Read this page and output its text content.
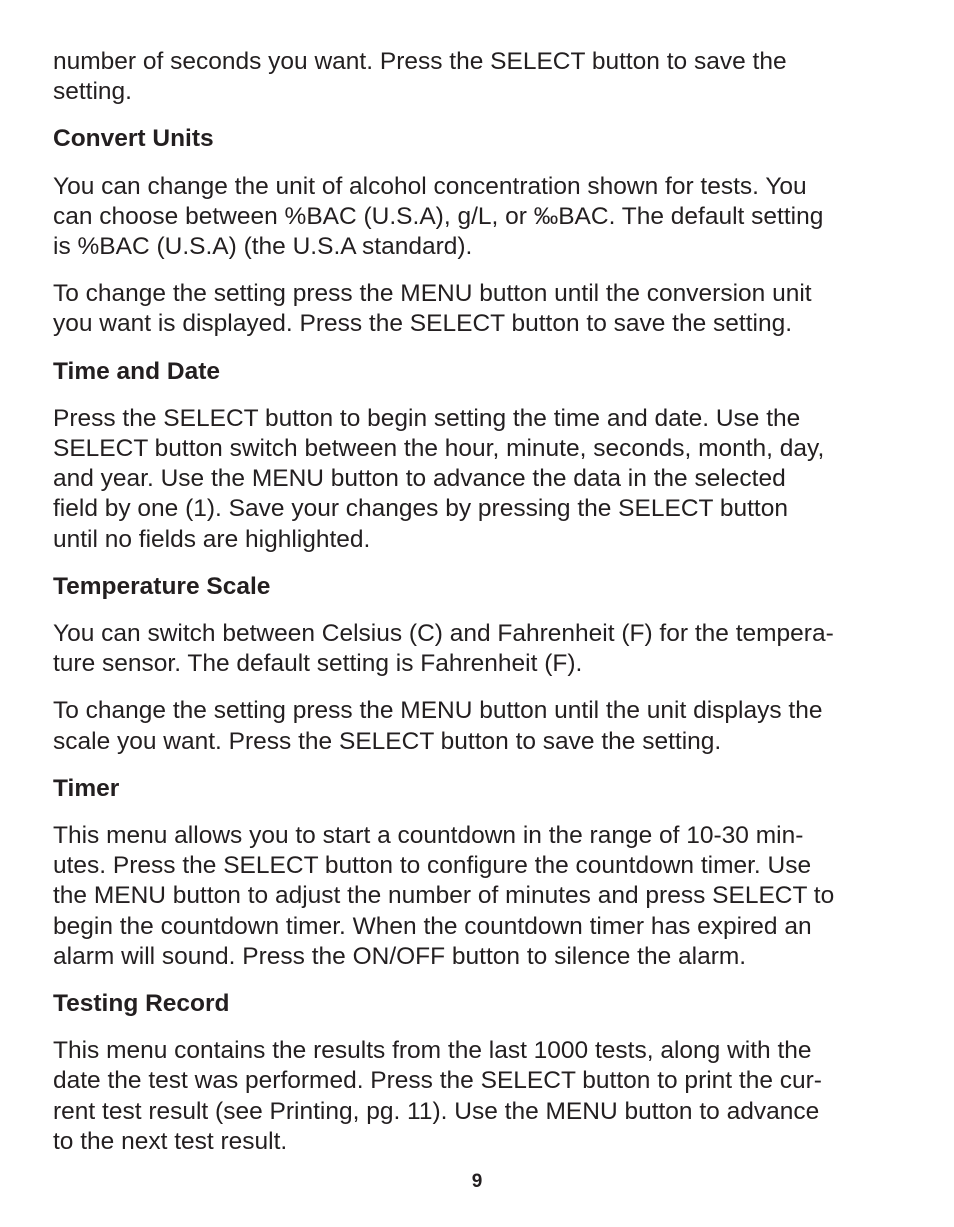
number of seconds you want. Press the SELECT button to save the
setting.

Convert Units

You can change the unit of alcohol concentration shown for tests. You
can choose between %BAC (U.S.A), g/L, or ‰BAC. The default setting
is %BAC (U.S.A) (the U.S.A standard).

To change the setting press the MENU button until the conversion unit
you want is displayed. Press the SELECT button to save the setting.

Time and Date

Press the SELECT button to begin setting the time and date. Use the
SELECT button switch between the hour, minute, seconds, month, day,
and year. Use the MENU button to advance the data in the selected
field by one (1). Save your changes by pressing the SELECT button
until no fields are highlighted.

Temperature Scale

You can switch between Celsius (C) and Fahrenheit (F) for the tempera-
ture sensor. The default setting is Fahrenheit (F).

To change the setting press the MENU button until the unit displays the
scale you want. Press the SELECT button to save the setting.

Timer

This menu allows you to start a countdown in the range of 10-30 min-
utes. Press the SELECT button to configure the countdown timer. Use
the MENU button to adjust the number of minutes and press SELECT to
begin the countdown timer. When the countdown timer has expired an
alarm will sound. Press the ON/OFF button to silence the alarm.

Testing Record

This menu contains the results from the last 1000 tests, along with the
date the test was performed. Press the SELECT button to print the cur-
rent test result (see Printing, pg. 11). Use the MENU button to advance
to the next test result.

9
